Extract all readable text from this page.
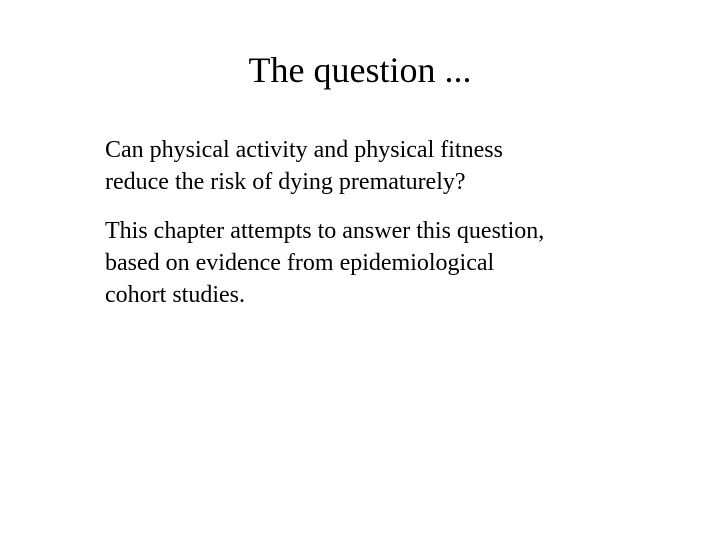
The question ...

Can physical activity and physical fitness
reduce the risk of dying prematurely?

This chapter attempts to answer this question,
based on evidence from epidemiological
cohort studies.
